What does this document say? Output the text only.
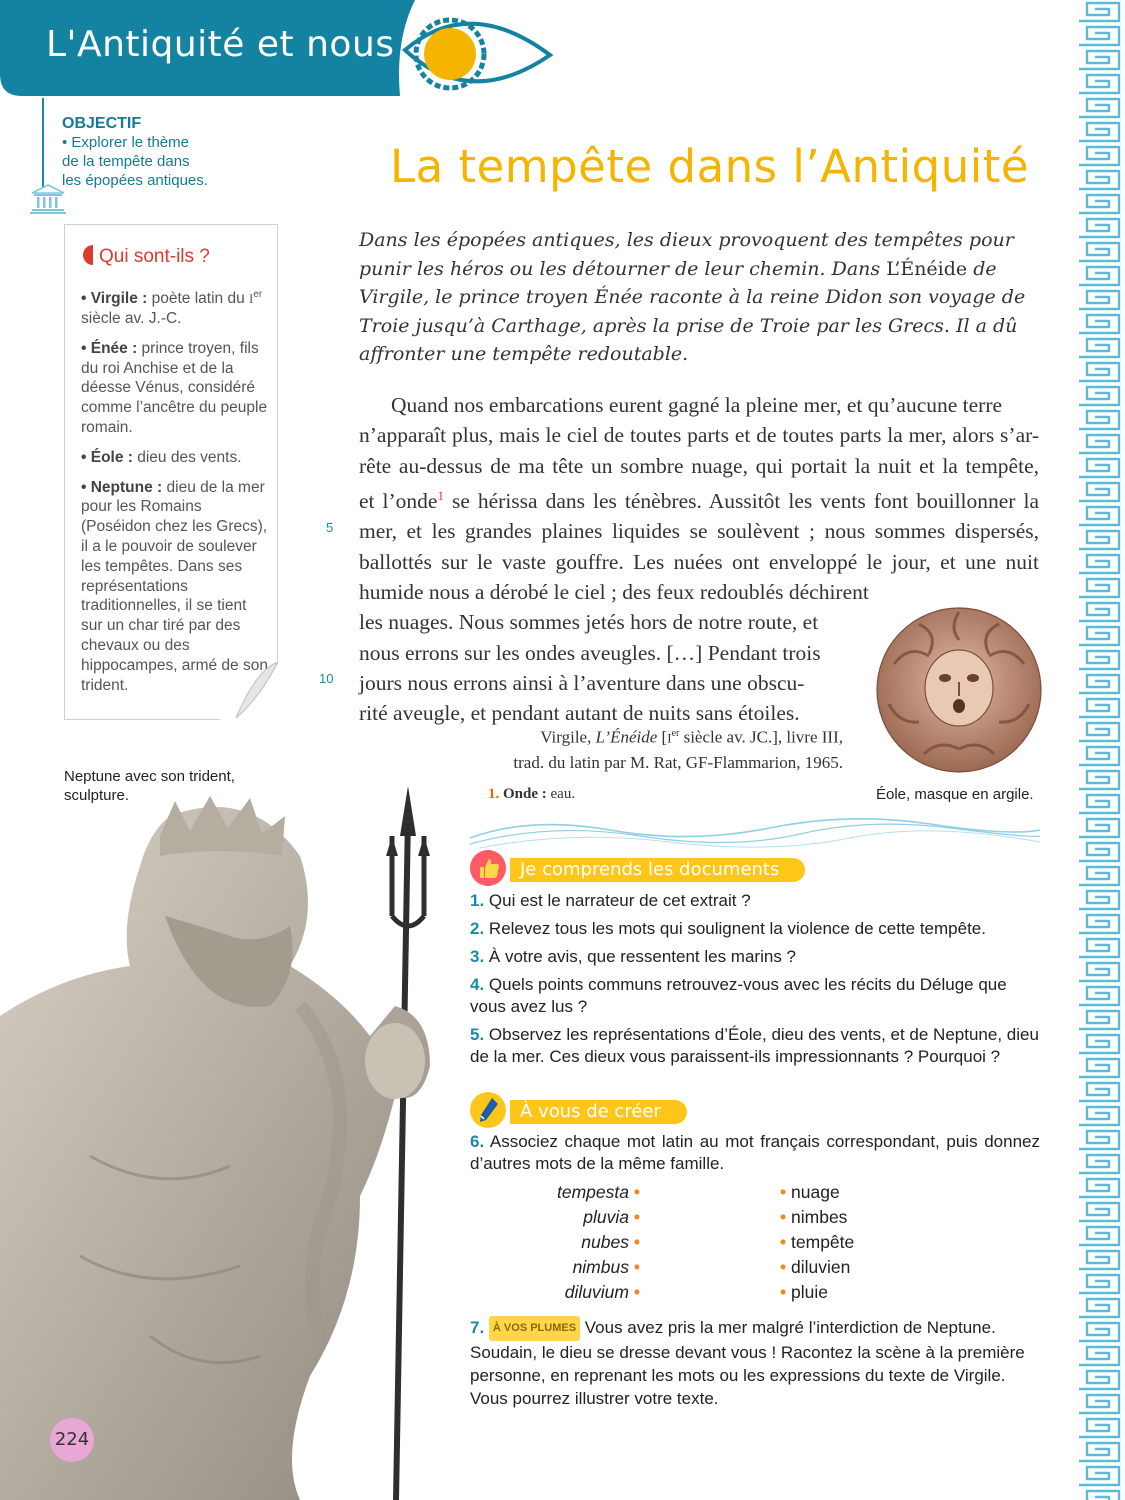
L'Antiquité et nous
OBJECTIF
• Explorer le thème
de la tempête dans
les épopées antiques.	La tempête dans l’Antiquité
Qui sont-ils ?

• Virgile : poète latin du Ier siècle av. J.-C.

• Énée : prince troyen, fils du roi Anchise et de la déesse Vénus, considéré comme l’ancêtre du peuple romain.

• Éole : dieu des vents.

• Neptune : dieu de la mer pour les Romains (Poséidon chez les Grecs), il a le pouvoir de soulever les tempêtes. Dans ses représentations traditionnelles, il se tient sur un char tiré par des chevaux ou des hippocampes, armé de son trident.

Dans les épopées antiques, les dieux provoquent des tempêtes pour punir les héros ou les détourner de leur chemin. Dans L’Énéide de Virgile, le prince troyen Énée raconte à la reine Didon son voyage de Troie jusqu’à Carthage, après la prise de Troie par les Grecs. Il a dû affronter une tempête redoutable.
Quand nos embarcations eurent gagné la pleine mer, et qu’aucune terre
n’apparaît plus, mais le ciel de toutes parts et de toutes parts la mer, alors s’ar-
rête au-dessus de ma tête un sombre nuage, qui portait la nuit et la tempête,
et l’onde$^1$ se hérissa dans les ténèbres. Aussitôt les vents font bouillonner la
mer, et les grandes plaines liquides se soulèvent ; nous sommes dispersés,
ballottés sur le vaste gouffre. Les nuées ont enveloppé le jour, et une nuit
humide nous a dérobé le ciel ; des feux redoublés déchirent
les nuages. Nous sommes jetés hors de notre route, et
nous errons sur les ondes aveugles. […] Pendant trois
jours nous errons ainsi à l’aventure dans une obscu-
rité aveugle, et pendant autant de nuits sans étoiles.
5
10
Virgile, L’Énéide [Ier siècle av. JC.], livre III,
trad. du latin par M. Rat, GF-Flammarion, 1965.
1. Onde : eau.	Éole, masque en argile.
Neptune avec son trident, sculpture.
Je comprends les documents
1. Qui est le narrateur de cet extrait ?
2. Relevez tous les mots qui soulignent la violence de cette tempête.
3. À votre avis, que ressentent les marins ?
4. Quels points communs retrouvez-vous avec les récits du Déluge que vous avez lus ?
5. Observez les représentations d’Éole, dieu des vents, et de Neptune, dieu de la mer. Ces dieux vous paraissent-ils impressionnants ? Pourquoi ?
À vous de créer
6. Associez chaque mot latin au mot français correspondant, puis donnez d’autres mots de la même famille.
tempesta •
pluvia •
nubes •
nimbus •
diluvium •
• nuage
• nimbes
• tempête
• diluvien
• pluie
7. À VOS PLUMES Vous avez pris la mer malgré l’interdiction de Neptune. Soudain, le dieu se dresse devant vous ! Racontez la scène à la première personne, en reprenant les mots ou les expressions du texte de Virgile. Vous pourrez illustrer votre texte.
224
